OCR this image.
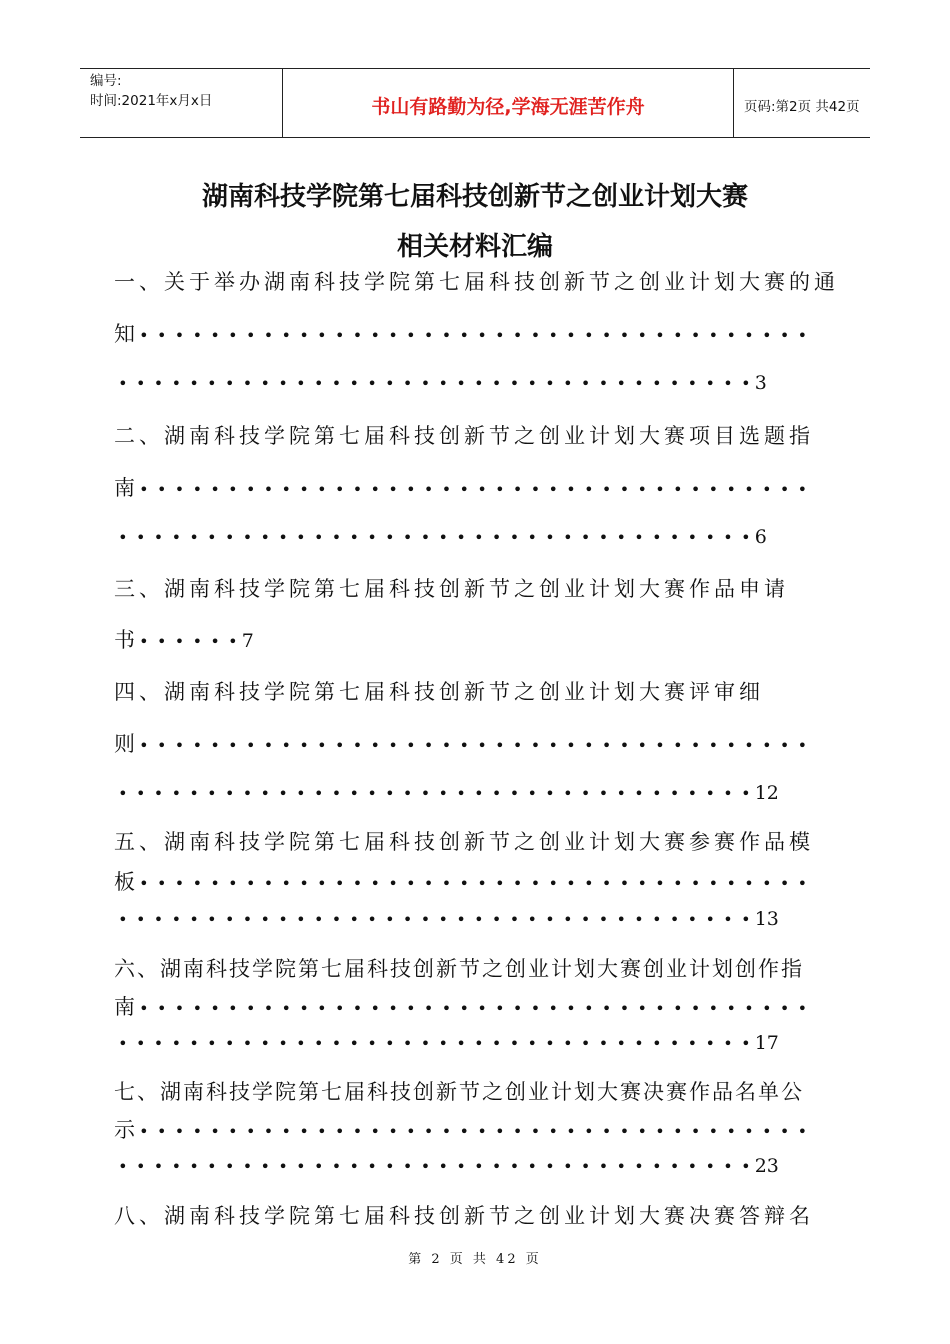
编号:
时间:2021年x月x日	书山有路勤为径,学海无涯苦作舟	页码:第2页 共42页
湖南科技学院第七届科技创新节之创业计划大赛
相关材料汇编
一、关于举办湖南科技学院第七届科技创新节之创业计划大赛的通
知 • • • • • • • • • • • • • • • • • • • • • • • • • • • • • • • • • • • • • •
• • • • • • • • • • • • • • • • • • • • • • • • • • • • • • • • • • • • 3
二、湖南科技学院第七届科技创新节之创业计划大赛项目选题指
南 • • • • • • • • • • • • • • • • • • • • • • • • • • • • • • • • • • • • • •
• • • • • • • • • • • • • • • • • • • • • • • • • • • • • • • • • • • • 6
三、湖南科技学院第七届科技创新节之创业计划大赛作品申请
书 • • • • • • 7
四、湖南科技学院第七届科技创新节之创业计划大赛评审细
则 • • • • • • • • • • • • • • • • • • • • • • • • • • • • • • • • • • • • • •
• • • • • • • • • • • • • • • • • • • • • • • • • • • • • • • • • • • • 12
五、湖南科技学院第七届科技创新节之创业计划大赛参赛作品模
板 • • • • • • • • • • • • • • • • • • • • • • • • • • • • • • • • • • • • • •
• • • • • • • • • • • • • • • • • • • • • • • • • • • • • • • • • • • • 13
六、湖南科技学院第七届科技创新节之创业计划大赛创业计划创作指
南 • • • • • • • • • • • • • • • • • • • • • • • • • • • • • • • • • • • • • •
• • • • • • • • • • • • • • • • • • • • • • • • • • • • • • • • • • • • 17
七、湖南科技学院第七届科技创新节之创业计划大赛决赛作品名单公
示 • • • • • • • • • • • • • • • • • • • • • • • • • • • • • • • • • • • • • •
• • • • • • • • • • • • • • • • • • • • • • • • • • • • • • • • • • • • 23
八、湖南科技学院第七届科技创新节之创业计划大赛决赛答辩名
第 2 页 共 42 页
